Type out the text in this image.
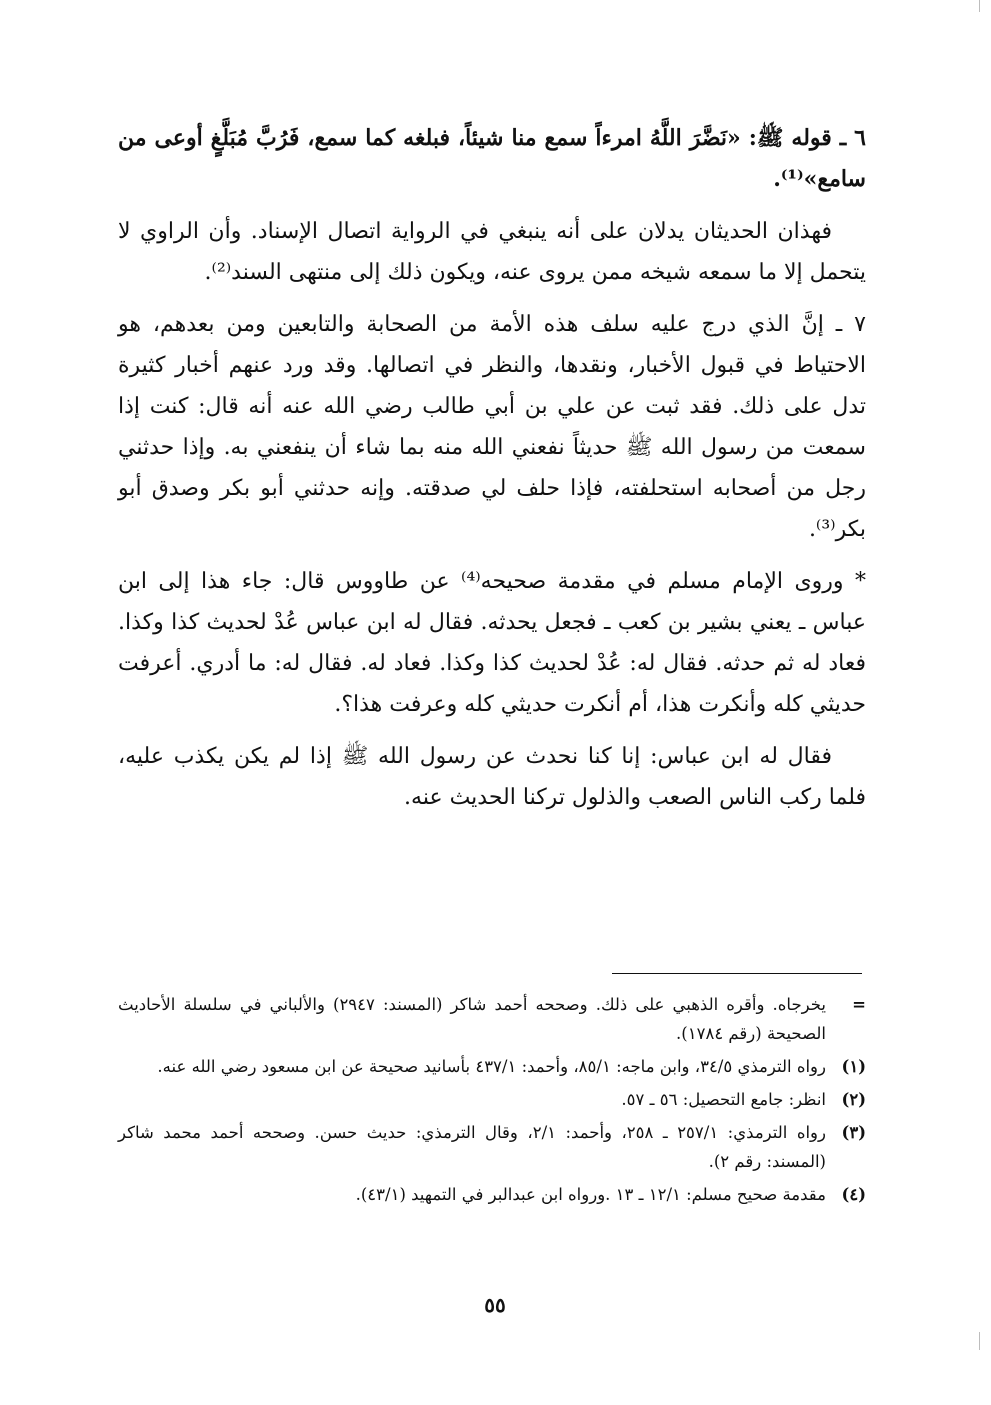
٦ ـ قوله ﷺ: «نَضَّرَ اللَّهُ امرءاً سمع منا شيئاً، فبلغه كما سمع، فَرُبَّ مُبَلَّغٍ أوعى من سامع»⁽¹⁾.

فهذان الحديثان يدلان على أنه ينبغي في الرواية اتصال الإسناد. وأن الراوي لا يتحمل إلا ما سمعه شيخه ممن يروى عنه، ويكون ذلك إلى منتهى السند⁽²⁾.

٧ ـ إنَّ الذي درج عليه سلف هذه الأمة من الصحابة والتابعين ومن بعدهم، هو الاحتياط في قبول الأخبار، ونقدها، والنظر في اتصالها. وقد ورد عنهم أخبار كثيرة تدل على ذلك. فقد ثبت عن علي بن أبي طالب رضي الله عنه أنه قال: كنت إذا سمعت من رسول الله ﷺ حديثاً نفعني الله منه بما شاء أن ينفعني به. وإذا حدثني رجل من أصحابه استحلفته، فإذا حلف لي صدقته. وإنه حدثني أبو بكر وصدق أبو بكر⁽³⁾.

* وروى الإمام مسلم في مقدمة صحيحه⁽⁴⁾ عن طاووس قال: جاء هذا إلى ابن عباس ـ يعني بشير بن كعب ـ فجعل يحدثه. فقال له ابن عباس عُدْ لحديث كذا وكذا. فعاد له ثم حدثه. فقال له: عُدْ لحديث كذا وكذا. فعاد له. فقال له: ما أدري. أعرفت حديثي كله وأنكرت هذا، أم أنكرت حديثي كله وعرفت هذا؟.

فقال له ابن عباس: إنا كنا نحدث عن رسول الله ﷺ إذا لم يكن يكذب عليه، فلما ركب الناس الصعب والذلول تركنا الحديث عنه.

=
يخرجاه. وأقره الذهبي على ذلك. وصححه أحمد شاكر (المسند: ٢٩٤٧) والألباني في سلسلة الأحاديث الصحيحة (رقم ١٧٨٤).
(١)
رواه الترمذي ٣٤/٥، وابن ماجه: ٨٥/١، وأحمد: ٤٣٧/١ بأسانيد صحيحة عن ابن مسعود رضي الله عنه.
(٢)
انظر: جامع التحصيل: ٥٦ ـ ٥٧.
(٣)
رواه الترمذي: ٢٥٧/١ ـ ٢٥٨، وأحمد: ٢/١، وقال الترمذي: حديث حسن. وصححه أحمد محمد شاكر (المسند: رقم ٢).
(٤)
مقدمة صحيح مسلم: ١٢/١ ـ ١٣ .ورواه ابن عبدالبر في التمهيد (٤٣/١).
٥٥
